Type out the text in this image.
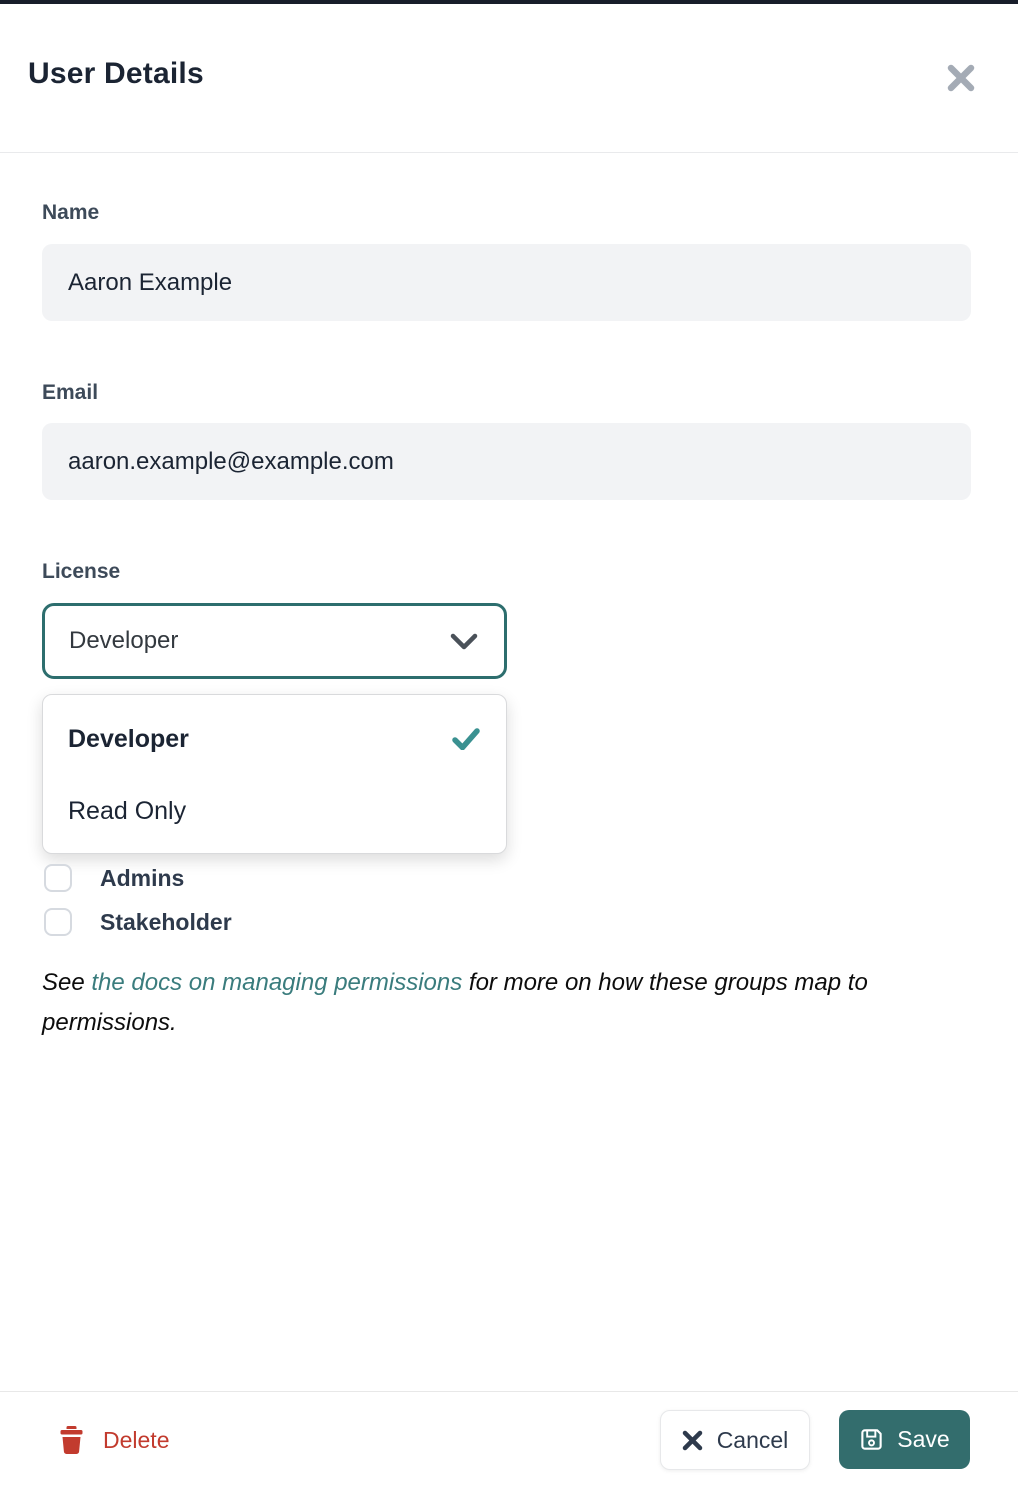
User Details
Name
Aaron Example
Email
aaron.example@example.com
License
Developer
Developer
Read Only
Admins
Stakeholder

See the docs on managing permissions for more on how these groups map to permissions.

Delete	Cancel	Save
